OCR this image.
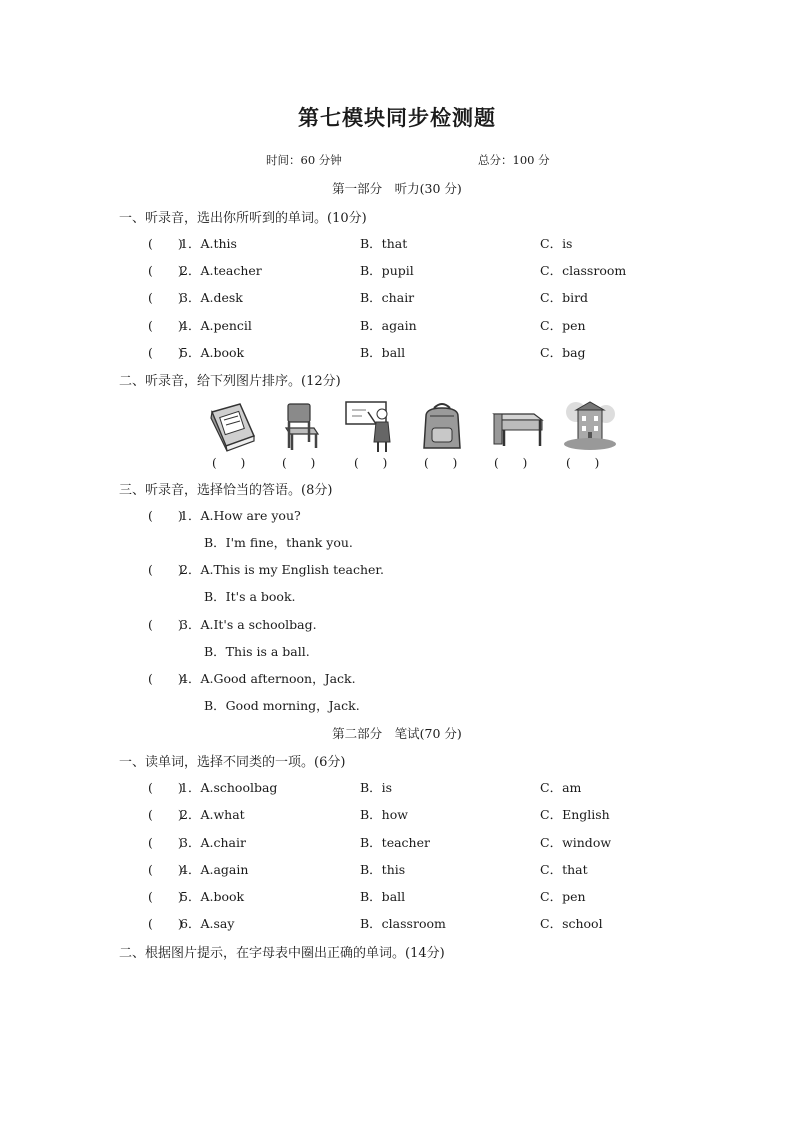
第七模块同步检测题
时间：60 分钟	总分：100 分
第一部分　听力(30 分)
一、听录音，选出你所听到的单词。(10分)
(　　)
1．A.this	B．that	C．is
(　　)
2．A.teacher	B．pupil	C．classroom
(　　)
3．A.desk	B．chair	C．bird
(　　)
4．A.pencil	B．again	C．pen
(　　)
5．A.book	B．ball	C．bag
二、听录音，给下列图片排序。(12分)
(　　)	(　　)	(　　)	(　　)	(　　)	(　　)
三、听录音，选择恰当的答语。(8分)
(　　)
1．A.How are you?
B．I'm fine，thank you.
(　　)
2．A.This is my English teacher.
B．It's a book.
(　　)
3．A.It's a schoolbag.
B．This is a ball.
(　　)
4．A.Good afternoon，Jack.
B．Good morning，Jack.
第二部分　笔试(70 分)
一、读单词，选择不同类的一项。(6分)
(　　)
1．A.schoolbag	B．is	C．am
(　　)
2．A.what	B．how	C．English
(　　)
3．A.chair	B．teacher	C．window
(　　)
4．A.again	B．this	C．that
(　　)
5．A.book	B．ball	C．pen
(　　)
6．A.say	B．classroom	C．school
二、根据图片提示，在字母表中圈出正确的单词。(14分)
